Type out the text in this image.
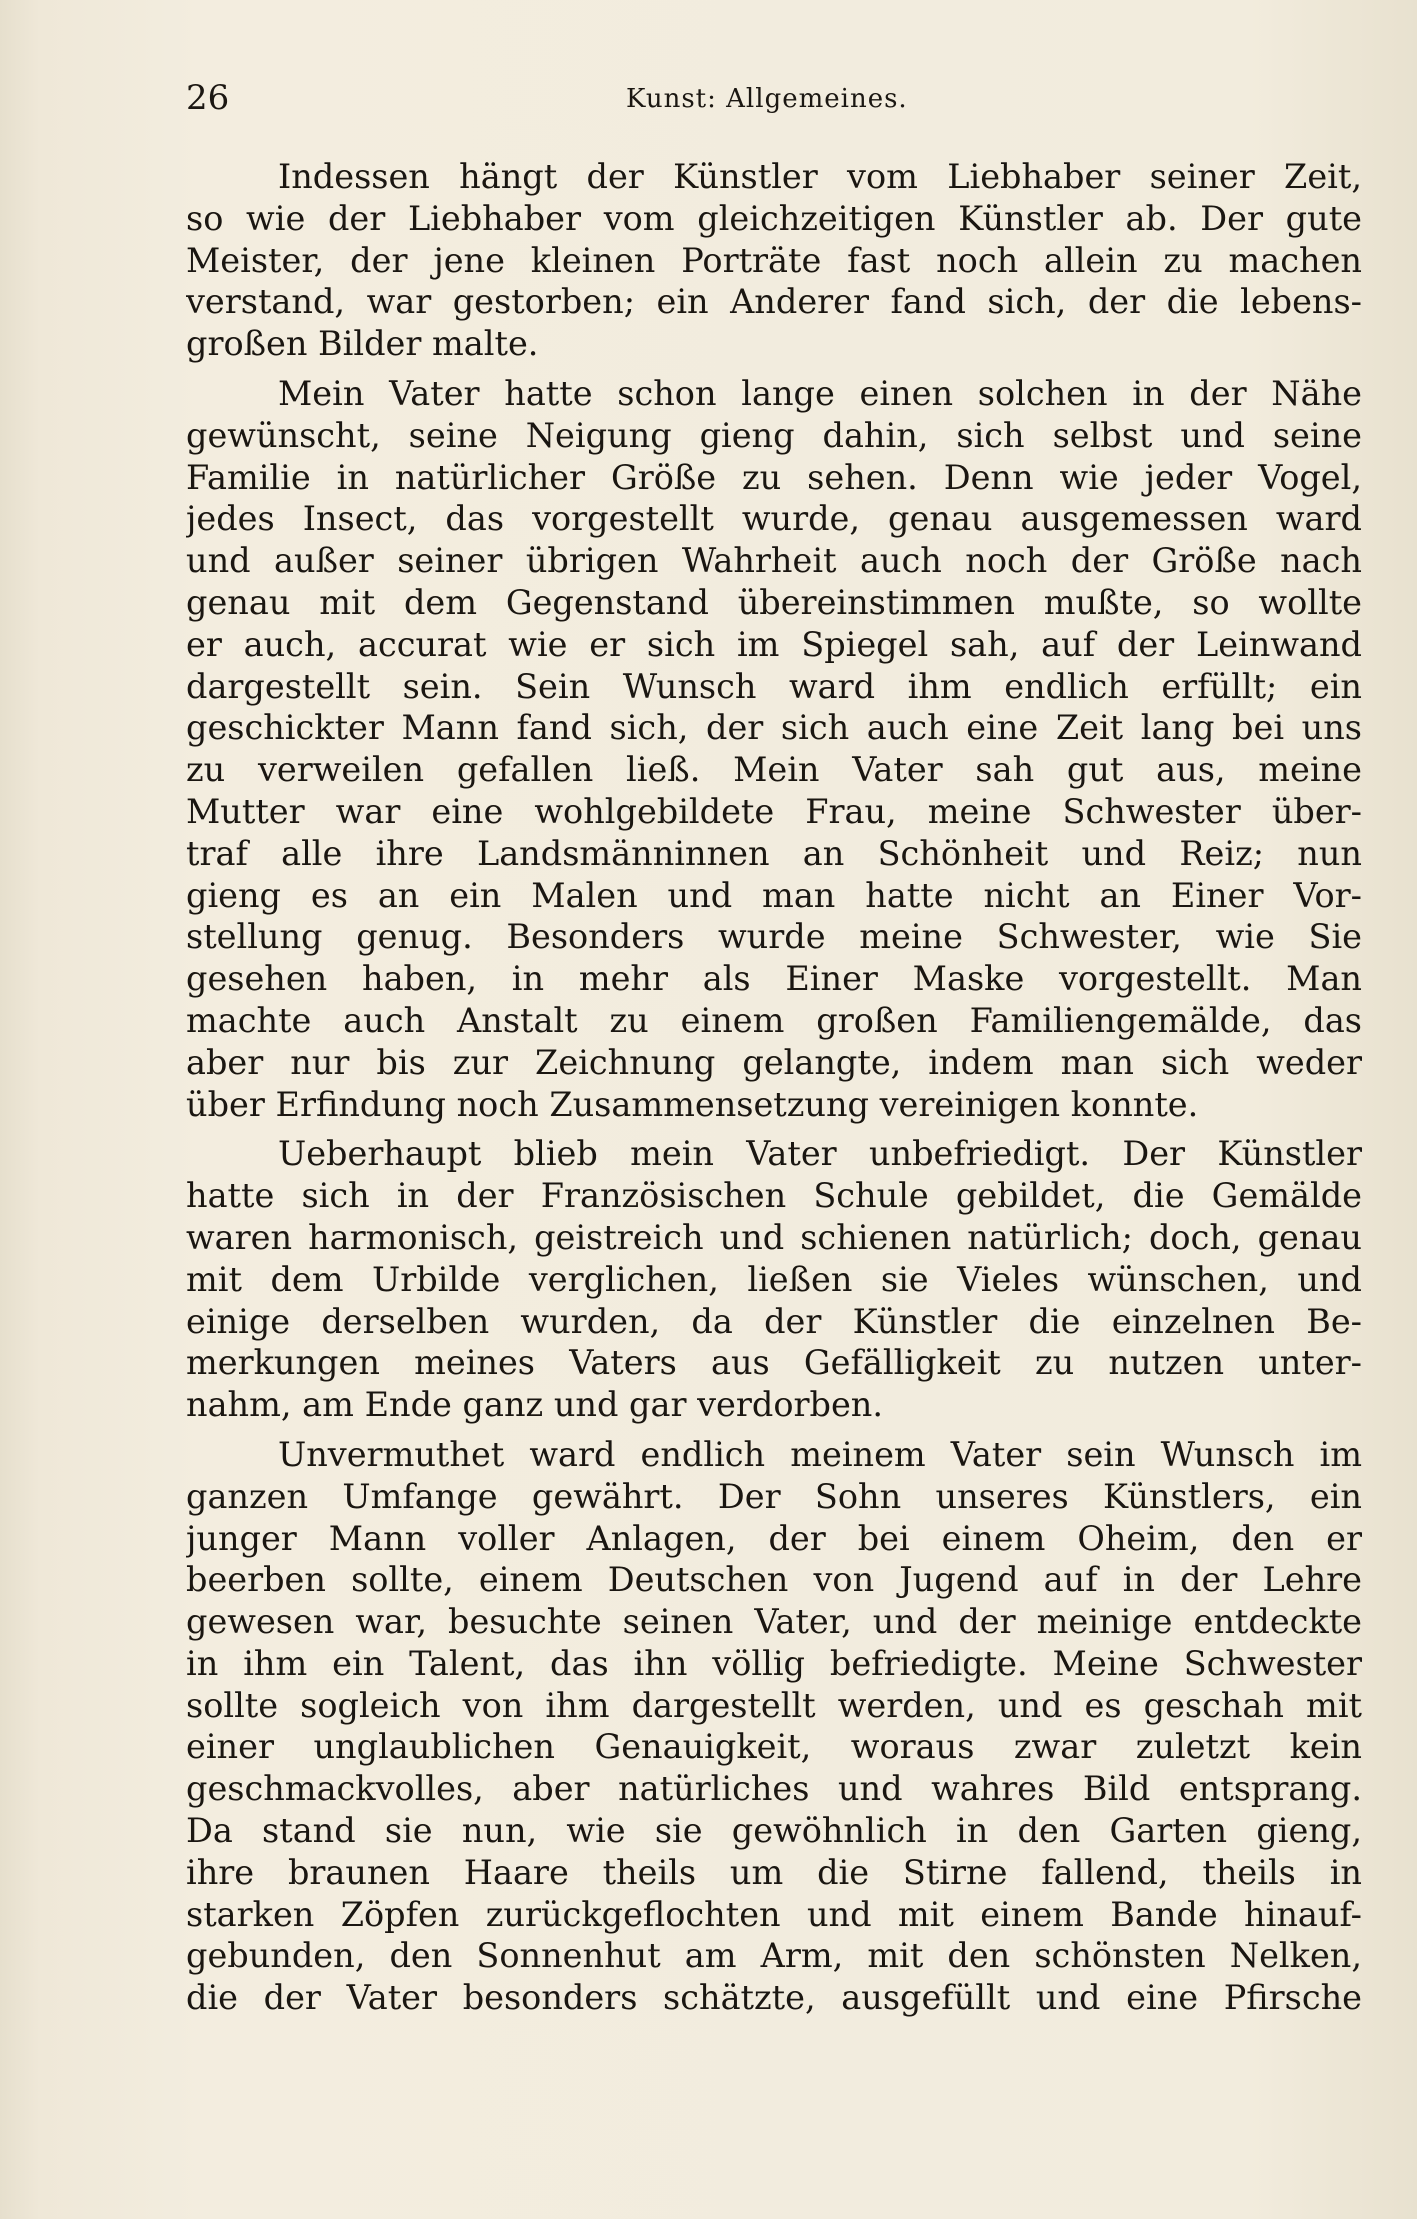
26	Kunst: Allgemeines.
Indessen hängt der Künstler vom Liebhaber seiner Zeit,
so wie der Liebhaber vom gleichzeitigen Künstler ab. Der gute
Meister, der jene kleinen Porträte fast noch allein zu machen
verstand, war gestorben; ein Anderer fand sich, der die lebens-
großen Bilder malte.
Mein Vater hatte schon lange einen solchen in der Nähe
gewünscht, seine Neigung gieng dahin, sich selbst und seine
Familie in natürlicher Größe zu sehen. Denn wie jeder Vogel,
jedes Insect, das vorgestellt wurde, genau ausgemessen ward
und außer seiner übrigen Wahrheit auch noch der Größe nach
genau mit dem Gegenstand übereinstimmen mußte, so wollte
er auch, accurat wie er sich im Spiegel sah, auf der Leinwand
dargestellt sein. Sein Wunsch ward ihm endlich erfüllt; ein
geschickter Mann fand sich, der sich auch eine Zeit lang bei uns
zu verweilen gefallen ließ. Mein Vater sah gut aus, meine
Mutter war eine wohlgebildete Frau, meine Schwester über-
traf alle ihre Landsmänninnen an Schönheit und Reiz; nun
gieng es an ein Malen und man hatte nicht an Einer Vor-
stellung genug. Besonders wurde meine Schwester, wie Sie
gesehen haben, in mehr als Einer Maske vorgestellt. Man
machte auch Anstalt zu einem großen Familiengemälde, das
aber nur bis zur Zeichnung gelangte, indem man sich weder
über Erfindung noch Zusammensetzung vereinigen konnte.
Ueberhaupt blieb mein Vater unbefriedigt. Der Künstler
hatte sich in der Französischen Schule gebildet, die Gemälde
waren harmonisch, geistreich und schienen natürlich; doch, genau
mit dem Urbilde verglichen, ließen sie Vieles wünschen, und
einige derselben wurden, da der Künstler die einzelnen Be-
merkungen meines Vaters aus Gefälligkeit zu nutzen unter-
nahm, am Ende ganz und gar verdorben.
Unvermuthet ward endlich meinem Vater sein Wunsch im
ganzen Umfange gewährt. Der Sohn unseres Künstlers, ein
junger Mann voller Anlagen, der bei einem Oheim, den er
beerben sollte, einem Deutschen von Jugend auf in der Lehre
gewesen war, besuchte seinen Vater, und der meinige entdeckte
in ihm ein Talent, das ihn völlig befriedigte. Meine Schwester
sollte sogleich von ihm dargestellt werden, und es geschah mit
einer unglaublichen Genauigkeit, woraus zwar zuletzt kein
geschmackvolles, aber natürliches und wahres Bild entsprang.
Da stand sie nun, wie sie gewöhnlich in den Garten gieng,
ihre braunen Haare theils um die Stirne fallend, theils in
starken Zöpfen zurückgeflochten und mit einem Bande hinauf-
gebunden, den Sonnenhut am Arm, mit den schönsten Nelken,
die der Vater besonders schätzte, ausgefüllt und eine Pfirsche
